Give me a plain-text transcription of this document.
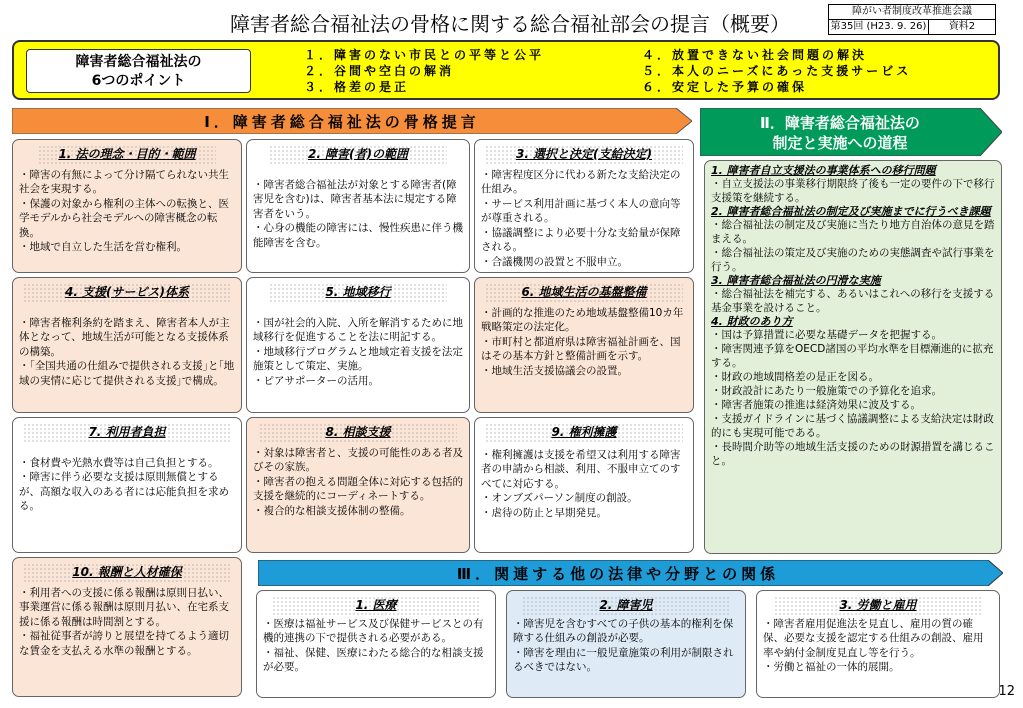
障害者総合福祉法の骨格に関する総合福祉部会の提言（概要）
障がい者制度改革推進会議
第35回 (H23. 9. 26)	資料2
障害者総合福祉法の
6つのポイント
１．障害のない市民との平等と公平
２．谷間や空白の解消
３．格差の是正
４．放置できない社会問題の解決
５．本人のニーズにあった支援サービス
６．安定した予算の確保
Ⅰ．障害者総合福祉法の骨格提言	Ⅱ．障害者総合福祉法の
制定と実施への道程
Ⅲ．関連する他の法律や分野との関係
1. 法の理念・目的・範囲

・障害の有無によって分け隔てられない共生社会を実現する。

・保護の対象から権利の主体への転換と、医学モデルから社会モデルへの障害概念の転換。

・地域で自立した生活を営む権利。

2. 障害(者)の範囲

・障害者総合福祉法が対象とする障害者(障害児を含む)は、障害者基本法に規定する障害者をいう。

・心身の機能の障害には、慢性疾患に伴う機能障害を含む。

3. 選択と決定(支給決定)

・障害程度区分に代わる新たな支給決定の仕組み。

・サービス利用計画に基づく本人の意向等が尊重される。

・協議調整により必要十分な支給量が保障される。

・合議機関の設置と不服申立。

4. 支援(サービス)体系

・障害者権利条約を踏まえ、障害者本人が主体となって、地域生活が可能となる支援体系の構築。

・｢全国共通の仕組みで提供される支援｣と｢地域の実情に応じて提供される支援｣で構成。

5. 地域移行

・国が社会的入院、入所を解消するために地域移行を促進することを法に明記する。

・地域移行プログラムと地域定着支援を法定施策として策定、実施。

・ピアサポーターの活用。

6. 地域生活の基盤整備

・計画的な推進のため地域基盤整備10カ年戦略策定の法定化。

・市町村と都道府県は障害福祉計画を、国はその基本方針と整備計画を示す。

・地域生活支援協議会の設置。

7. 利用者負担

・食材費や光熱水費等は自己負担とする。

・障害に伴う必要な支援は原則無償とするが、高額な収入のある者には応能負担を求める。

8. 相談支援

・対象は障害者と、支援の可能性のある者及びその家族。

・障害者の抱える問題全体に対応する包括的支援を継続的にコーディネートする。

・複合的な相談支援体制の整備。

9. 権利擁護

・権利擁護は支援を希望又は利用する障害者の申請から相談、利用、不服申立てのすべてに対応する。

・オンブズパーソン制度の創設。

・虐待の防止と早期発見。

10. 報酬と人材確保

・利用者への支援に係る報酬は原則日払い、事業運営に係る報酬は原則月払い、在宅系支援に係る報酬は時間割とする。

・福祉従事者が誇りと展望を持てるよう適切な賃金を支払える水準の報酬とする。

1. 医療

・医療は福祉サービス及び保健サービスとの有機的連携の下で提供される必要がある。

・福祉、保健、医療にわたる総合的な相談支援が必要。

2. 障害児

・障害児を含むすべての子供の基本的権利を保障する仕組みの創設が必要。

・障害を理由に一般児童施策の利用が制限されるべきではない。

3. 労働と雇用

・障害者雇用促進法を見直し、雇用の質の確保、必要な支援を認定する仕組みの創設、雇用率や納付金制度見直し等を行う。

・労働と福祉の一体的展開。

1. 障害者自立支援法の事業体系への移行問題
・自立支援法の事業移行期限終了後も一定の要件の下で移行支援策を継続する。
2. 障害者総合福祉法の制定及び実施までに行うべき課題

・総合福祉法の制定及び実施に当たり地方自治体の意見を踏まえる。

・総合福祉法の策定及び実施のための実態調査や試行事業を行う。

3. 障害者総合福祉法の円滑な実施
・総合福祉法を補完する、あるいはこれへの移行を支援する基金事業を設けること。
4. 財政のあり方

・国は予算措置に必要な基礎データを把握する。

・障害関連予算をOECD諸国の平均水準を目標漸進的に拡充する。

・財政の地域間格差の是正を図る。

・財政設計にあたり一般施策での予算化を追求。

・障害者施策の推進は経済効果に波及する。

・支援ガイドラインに基づく協議調整による支給決定は財政的にも実現可能である。

・長時間介助等の地域生活支援のための財源措置を講じること。

12
